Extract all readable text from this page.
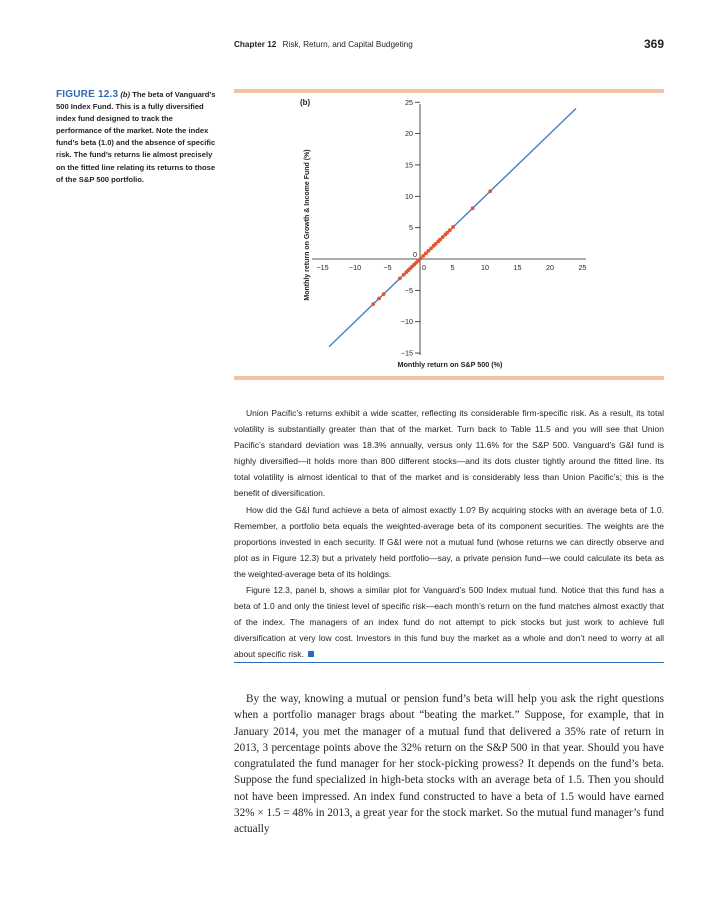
Chapter 12 Risk, Return, and Capital Budgeting	369
FIGURE 12.3 (b) The beta of Vanguard’s 500 Index Fund. This is a fully diversified index fund designed to track the performance of the market. Note the index fund’s beta (1.0) and the absence of specific risk. The fund’s returns lie almost precisely on the fitted line relating its returns to those of the S&P 500 portfolio.
(b)
−15	−10	−5	0	5	10	15	20	25
−15
−10
−5
0
5
10
15
20
25
Monthly return on S&P 500 (%)
Monthly return on Growth & Income Fund (%)

Union Pacific’s returns exhibit a wide scatter, reflecting its considerable firm-specific risk. As a result, its total volatility is substantially greater than that of the market. Turn back to Table 11.5 and you will see that Union Pacific’s standard deviation was 18.3% annually, versus only 11.6% for the S&P 500. Vanguard’s G&I fund is highly diversified—it holds more than 800 different stocks—and its dots cluster tightly around the fitted line. Its total volatility is almost identical to that of the market and is considerably less than Union Pacific’s; this is the benefit of diversification.

How did the G&I fund achieve a beta of almost exactly 1.0? By acquiring stocks with an average beta of 1.0. Remember, a portfolio beta equals the weighted-average beta of its component securities. The weights are the proportions invested in each security. If G&I were not a mutual fund (whose returns we can directly observe and plot as in Figure 12.3) but a privately held portfolio—say, a private pension fund—we could calculate its beta as the weighted-average beta of its holdings.

Figure 12.3, panel b, shows a similar plot for Vanguard’s 500 Index mutual fund. Notice that this fund has a beta of 1.0 and only the tiniest level of specific risk—each month’s return on the fund matches almost exactly that of the index. The managers of an index fund do not attempt to pick stocks but just work to achieve full diversification at very low cost. Investors in this fund buy the market as a whole and don’t need to worry at all about specific risk.

By the way, knowing a mutual or pension fund’s beta will help you ask the right questions when a portfolio manager brags about “beating the market.” Suppose, for example, that in January 2014, you met the manager of a mutual fund that delivered a 35% rate of return in 2013, 3 percentage points above the 32% return on the S&P 500 in that year. Should you have congratulated the fund manager for her stock-picking prowess? It depends on the fund’s beta. Suppose the fund specialized in high-beta stocks with an average beta of 1.5. Then you should not have been impressed. An index fund constructed to have a beta of 1.5 would have earned 32% × 1.5 = 48% in 2013, a great year for the stock market. So the mutual fund manager’s fund actually
